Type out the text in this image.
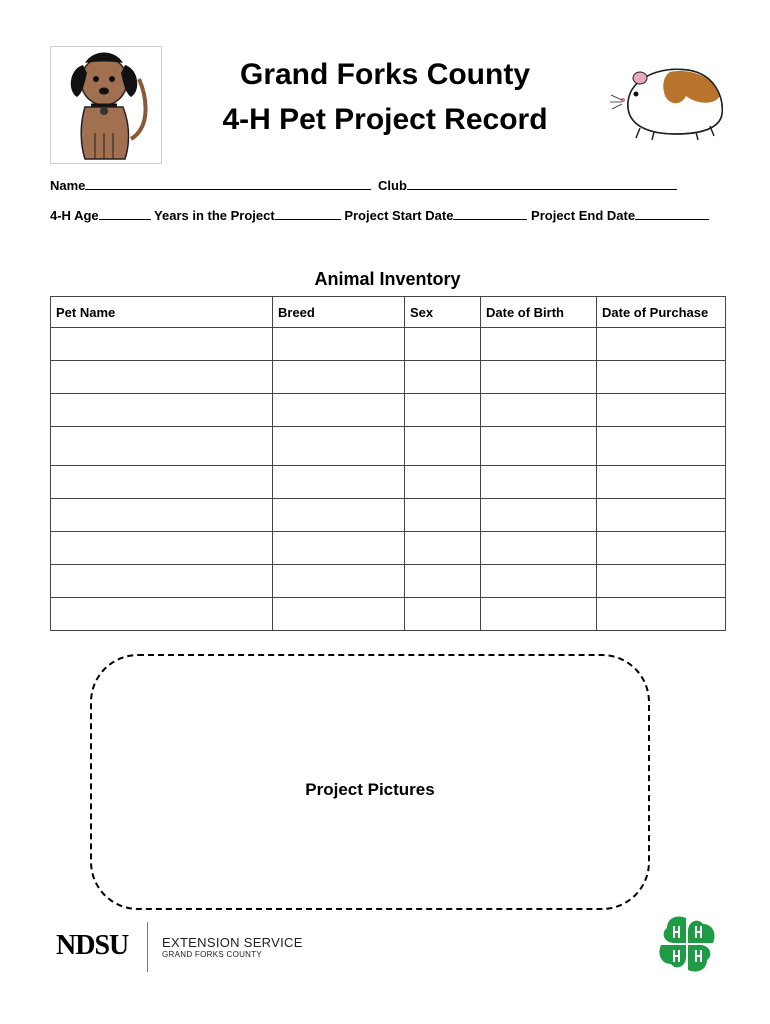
Grand Forks County
4-H Pet Project Record
Name	Club
4-H Age	Years in the Project	Project Start Date	Project End Date
Animal Inventory
Pet Name	Breed	Sex	Date of Birth	Date of Purchase

Project Pictures
NDSU	EXTENSION SERVICE
GRAND FORKS COUNTY
